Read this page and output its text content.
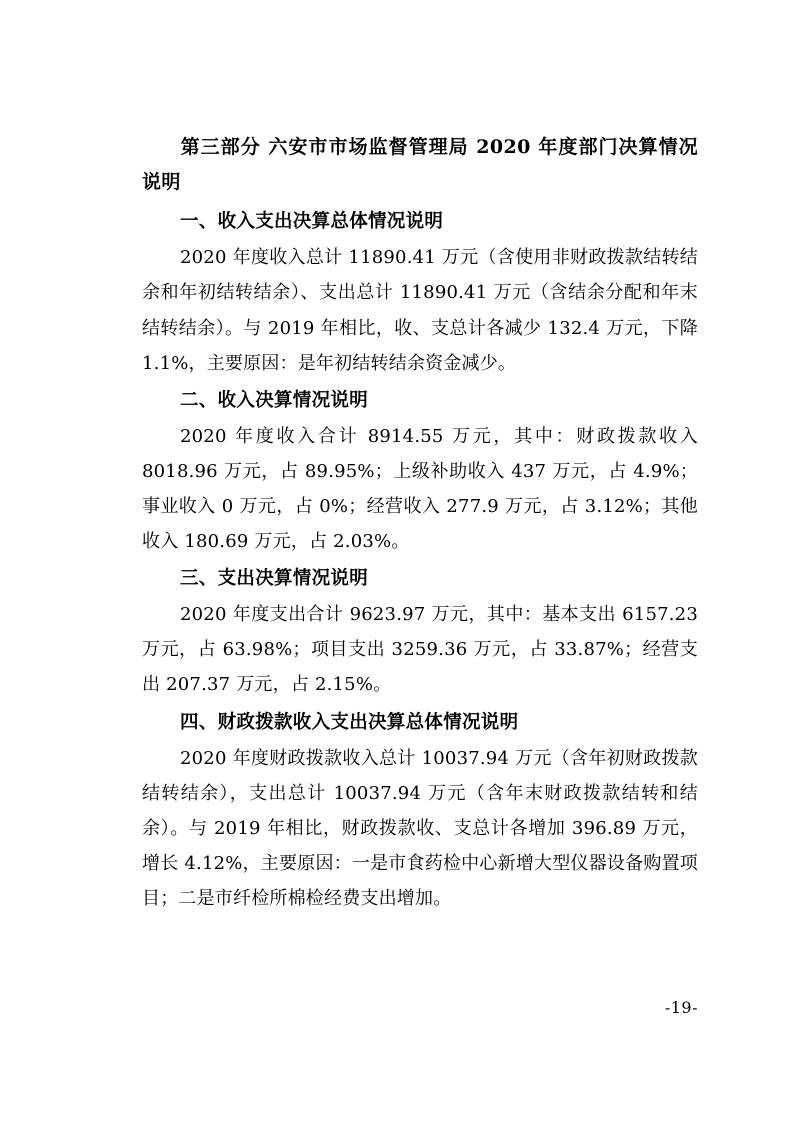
第三部分 六安市市场监督管理局 2020 年度部门决算情况说明
一、收入支出决算总体情况说明

2020 年度收入总计 11890.41 万元（含使用非财政拨款结转结余和年初结转结余）、支出总计 11890.41 万元（含结余分配和年末结转结余）。与 2019 年相比，收、支总计各减少 132.4 万元，下降 1.1%，主要原因：是年初结转结余资金减少。

二、收入决算情况说明

2020 年度收入合计 8914.55 万元，其中：财政拨款收入 8018.96 万元，占 89.95%；上级补助收入 437 万元，占 4.9%；事业收入 0 万元，占 0%；经营收入 277.9 万元，占 3.12%；其他收入 180.69 万元，占 2.03%。

三、支出决算情况说明

2020 年度支出合计 9623.97 万元，其中：基本支出 6157.23 万元，占 63.98%；项目支出 3259.36 万元，占 33.87%；经营支出 207.37 万元，占 2.15%。

四、财政拨款收入支出决算总体情况说明

2020 年度财政拨款收入总计 10037.94 万元（含年初财政拨款结转结余），支出总计 10037.94 万元（含年末财政拨款结转和结余）。与 2019 年相比，财政拨款收、支总计各增加 396.89 万元，增长 4.12%，主要原因：一是市食药检中心新增大型仪器设备购置项目；二是市纤检所棉检经费支出增加。

-19-
